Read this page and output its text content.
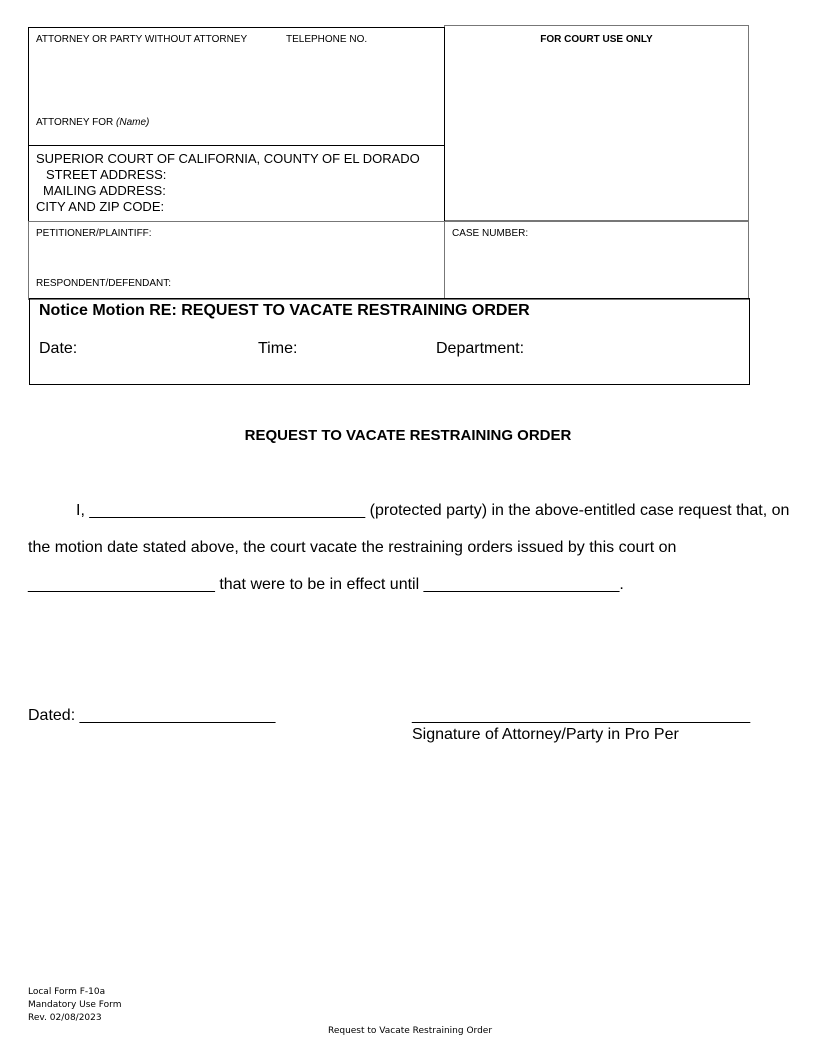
ATTORNEY OR PARTY WITHOUT ATTORNEY	TELEPHONE NO.	FOR COURT USE ONLY
ATTORNEY FOR (Name)
SUPERIOR COURT OF CALIFORNIA, COUNTY OF EL DORADO
STREET ADDRESS:
MAILING ADDRESS:
CITY AND ZIP CODE:
PETITIONER/PLAINTIFF:	CASE NUMBER:
RESPONDENT/DEFENDANT:
Notice Motion RE: REQUEST TO VACATE RESTRAINING ORDER
Date:	Time:	Department:
REQUEST TO VACATE RESTRAINING ORDER
I, _______________________________ (protected party) in the above-entitled case request that, on
the motion date stated above, the court vacate the restraining orders issued by this court on
_____________________ that were to be in effect until ______________________.
Dated: ______________________	______________________________________
Signature of Attorney/Party in Pro Per
Local Form F-10a
Mandatory Use Form
Rev. 02/08/2023
Request to Vacate Restraining Order
